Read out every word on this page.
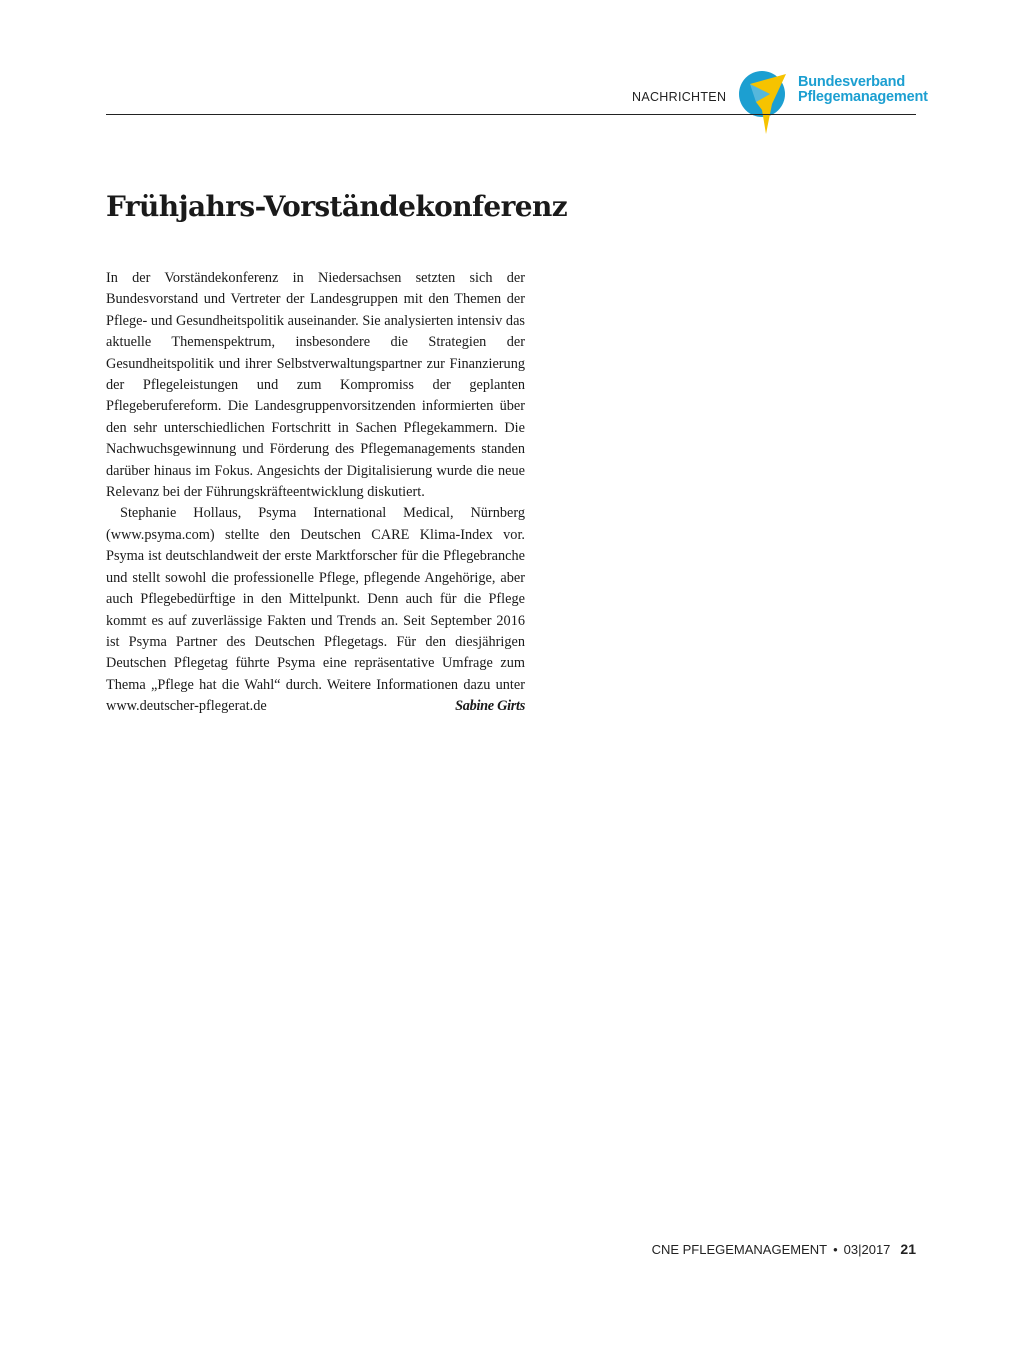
NACHRICHTEN
Bundesverband
Pflegemanagement
Frühjahrs-Vorständekonferenz

In der Vorständekonferenz in Niedersachsen setzten sich der Bundesvorstand und Vertreter der Landesgruppen mit den Themen der Pflege- und Gesundheitspolitik auseinander. Sie analysierten intensiv das aktuelle Themenspektrum, insbesondere die Strategien der Gesundheitspolitik und ihrer Selbstverwaltungspartner zur Finanzierung der Pflegeleistungen und zum Kompromiss der geplanten Pflegeberufereform. Die Landesgruppenvorsitzenden informierten über den sehr unterschiedlichen Fortschritt in Sachen Pflegekammern. Die Nachwuchsgewinnung und Förderung des Pflegemanagements standen darüber hinaus im Fokus. Angesichts der Digitalisierung wurde die neue Relevanz bei der Führungskräfteentwicklung diskutiert.

Stephanie Hollaus, Psyma International Medical, Nürnberg (www.psyma.com) stellte den Deutschen CARE Klima-Index vor. Psyma ist deutschlandweit der erste Marktforscher für die Pflegebranche und stellt sowohl die professionelle Pflege, pflegende Angehörige, aber auch Pflegebedürftige in den Mittelpunkt. Denn auch für die Pflege kommt es auf zuverlässige Fakten und Trends an. Seit September 2016 ist Psyma Partner des Deutschen Pflegetags. Für den diesjährigen Deutschen Pflegetag führte Psyma eine repräsentative Umfrage zum Thema „Pflege hat die Wahl“ durch. Weitere Informationen dazu unter www.deutscher-pflegerat.de	Sabine Girts

CNE PFLEGEMANAGEMENT • 03|2017 21
